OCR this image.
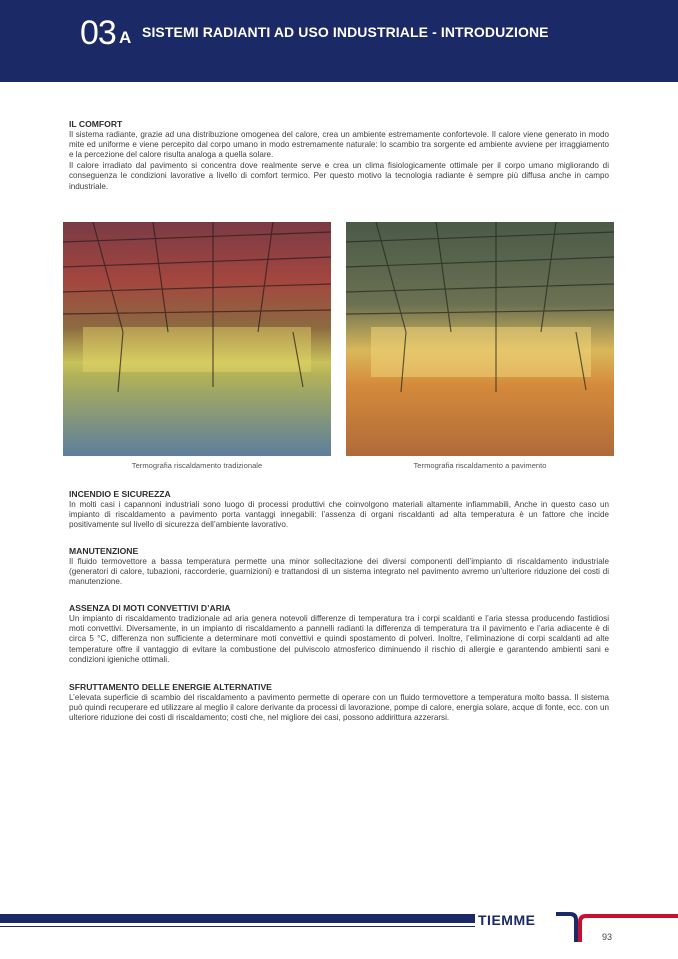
03 A SISTEMI RADIANTI AD USO INDUSTRIALE - INTRODUZIONE
IL COMFORT

Il sistema radiante, grazie ad una distribuzione omogenea del calore, crea un ambiente estremamente confortevole. Il calore viene generato in modo mite ed uniforme e viene percepito dal corpo umano in modo estremamente naturale: lo scambio tra sorgente ed ambiente avviene per irraggiamento e la percezione del calore risulta analoga a quella solare.

Il calore irradiato dal pavimento si concentra dove realmente serve e crea un clima fisiologicamente ottimale per il corpo umano migliorando di conseguenza le condizioni lavorative a livello di comfort termico. Per questo motivo la tecnologia radiante è sempre più diffusa anche in campo industriale.

Termografia riscaldamento tradizionale	Termografia riscaldamento a pavimento
INCENDIO E SICUREZZA

In molti casi i capannoni industriali sono luogo di processi produttivi che coinvolgono materiali altamente infiammabili, Anche in questo caso un impianto di riscaldamento a pavimento porta vantaggi innegabili: l’assenza di organi riscaldanti ad alta temperatura è un fattore che incide positivamente sul livello di sicurezza dell’ambiente lavorativo.

MANUTENZIONE

Il fluido termovettore a bassa temperatura permette una minor sollecitazione dei diversi componenti dell’impianto di riscaldamento industriale (generatori di calore, tubazioni, raccorderie, guarnizioni) e trattandosi di un sistema integrato nel pavimento avremo un’ulteriore riduzione dei costi di manutenzione.

ASSENZA DI MOTI CONVETTIVI D’ARIA

Un impianto di riscaldamento tradizionale ad aria genera notevoli differenze di temperatura tra i corpi scaldanti e l’aria stessa producendo fastidiosi moti convettivi. Diversamente, in un impianto di riscaldamento a pannelli radianti la differenza di temperatura tra il pavimento e l’aria adiacente è di circa 5 °C, differenza non sufficiente a determinare moti convettivi e quindi spostamento di polveri. Inoltre, l’eliminazione di corpi scaldanti ad alte temperature offre il vantaggio di evitare la combustione del pulviscolo atmosferico diminuendo il rischio di allergie e garantendo ambienti sani e condizioni igieniche ottimali.

SFRUTTAMENTO DELLE ENERGIE ALTERNATIVE

L’elevata superficie di scambio del riscaldamento a pavimento permette di operare con un fluido termovettore a temperatura molto bassa. Il sistema può quindi recuperare ed utilizzare al meglio il calore derivante da processi di lavorazione, pompe di calore, energia solare, acque di fonte, ecc. con un ulteriore riduzione dei costi di riscaldamento; costi che, nel migliore dei casi, possono addirittura azzerarsi.

TIEMME
93
